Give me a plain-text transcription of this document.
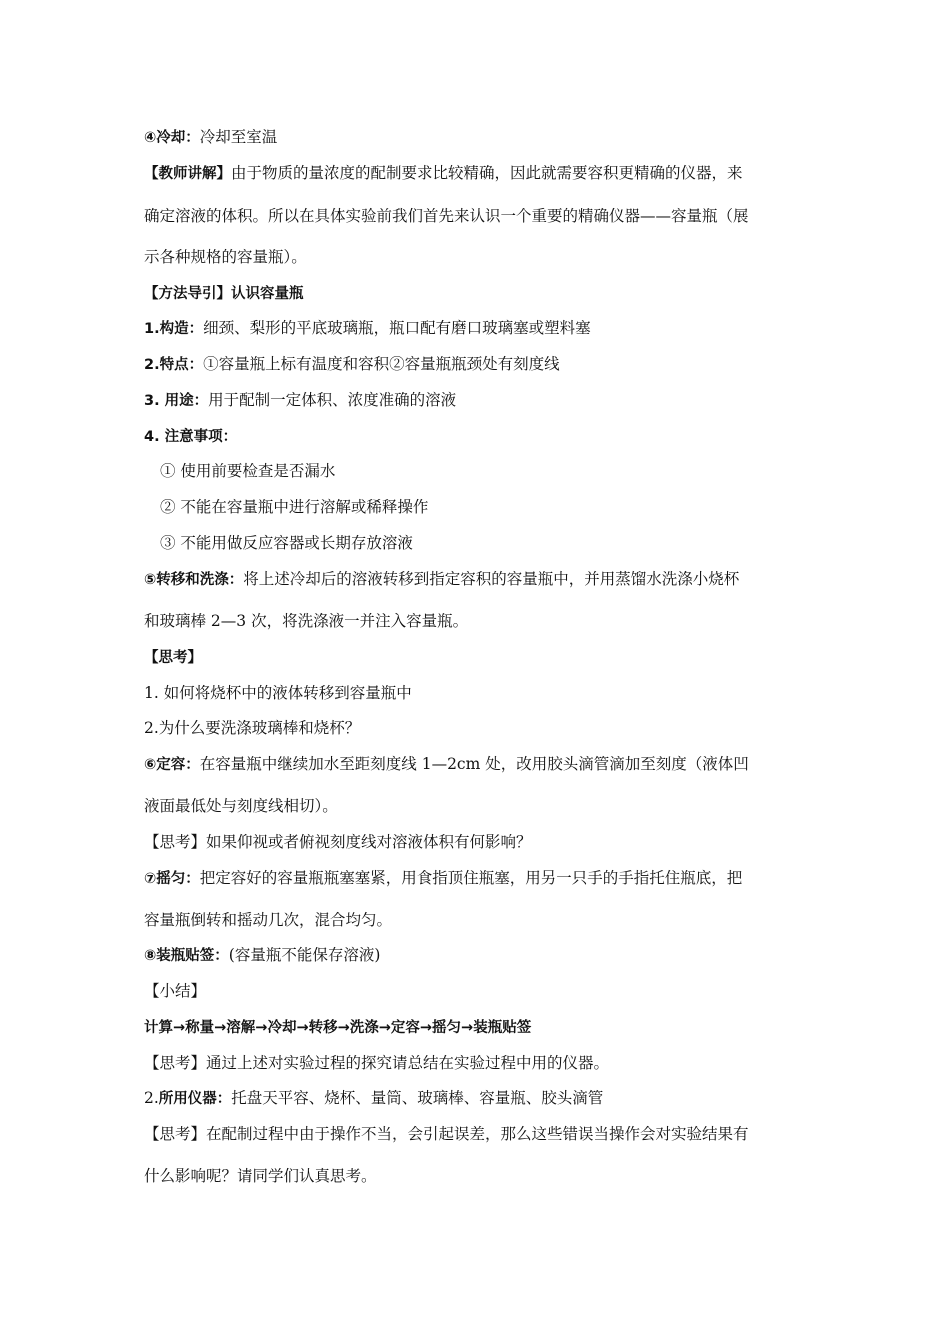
④冷却：冷却至室温
【教师讲解】由于物质的量浓度的配制要求比较精确，因此就需要容积更精确的仪器，来
确定溶液的体积。所以在具体实验前我们首先来认识一个重要的精确仪器——容量瓶（展
示各种规格的容量瓶）。
【方法导引】认识容量瓶
1.构造：细颈、梨形的平底玻璃瓶，瓶口配有磨口玻璃塞或塑料塞
2.特点：①容量瓶上标有温度和容积②容量瓶瓶颈处有刻度线
3. 用途：用于配制一定体积、浓度准确的溶液
4. 注意事项：
① 使用前要检查是否漏水
② 不能在容量瓶中进行溶解或稀释操作
③ 不能用做反应容器或长期存放溶液
⑤转移和洗涤：将上述冷却后的溶液转移到指定容积的容量瓶中，并用蒸馏水洗涤小烧杯
和玻璃棒 2—3 次，将洗涤液一并注入容量瓶。
【思考】
1. 如何将烧杯中的液体转移到容量瓶中
2.为什么要洗涤玻璃棒和烧杯？
⑥定容：在容量瓶中继续加水至距刻度线 1—2cm 处，改用胶头滴管滴加至刻度（液体凹
液面最低处与刻度线相切）。
【思考】如果仰视或者俯视刻度线对溶液体积有何影响？
⑦摇匀：把定容好的容量瓶瓶塞塞紧，用食指顶住瓶塞，用另一只手的手指托住瓶底，把
容量瓶倒转和摇动几次，混合均匀。
⑧装瓶贴签：(容量瓶不能保存溶液)
【小结】
计算→称量→溶解→冷却→转移→洗涤→定容→摇匀→装瓶贴签
【思考】通过上述对实验过程的探究请总结在实验过程中用的仪器。
2.所用仪器：托盘天平容、烧杯、量筒、玻璃棒、容量瓶、胶头滴管
【思考】在配制过程中由于操作不当，会引起误差，那么这些错误当操作会对实验结果有
什么影响呢？请同学们认真思考。
